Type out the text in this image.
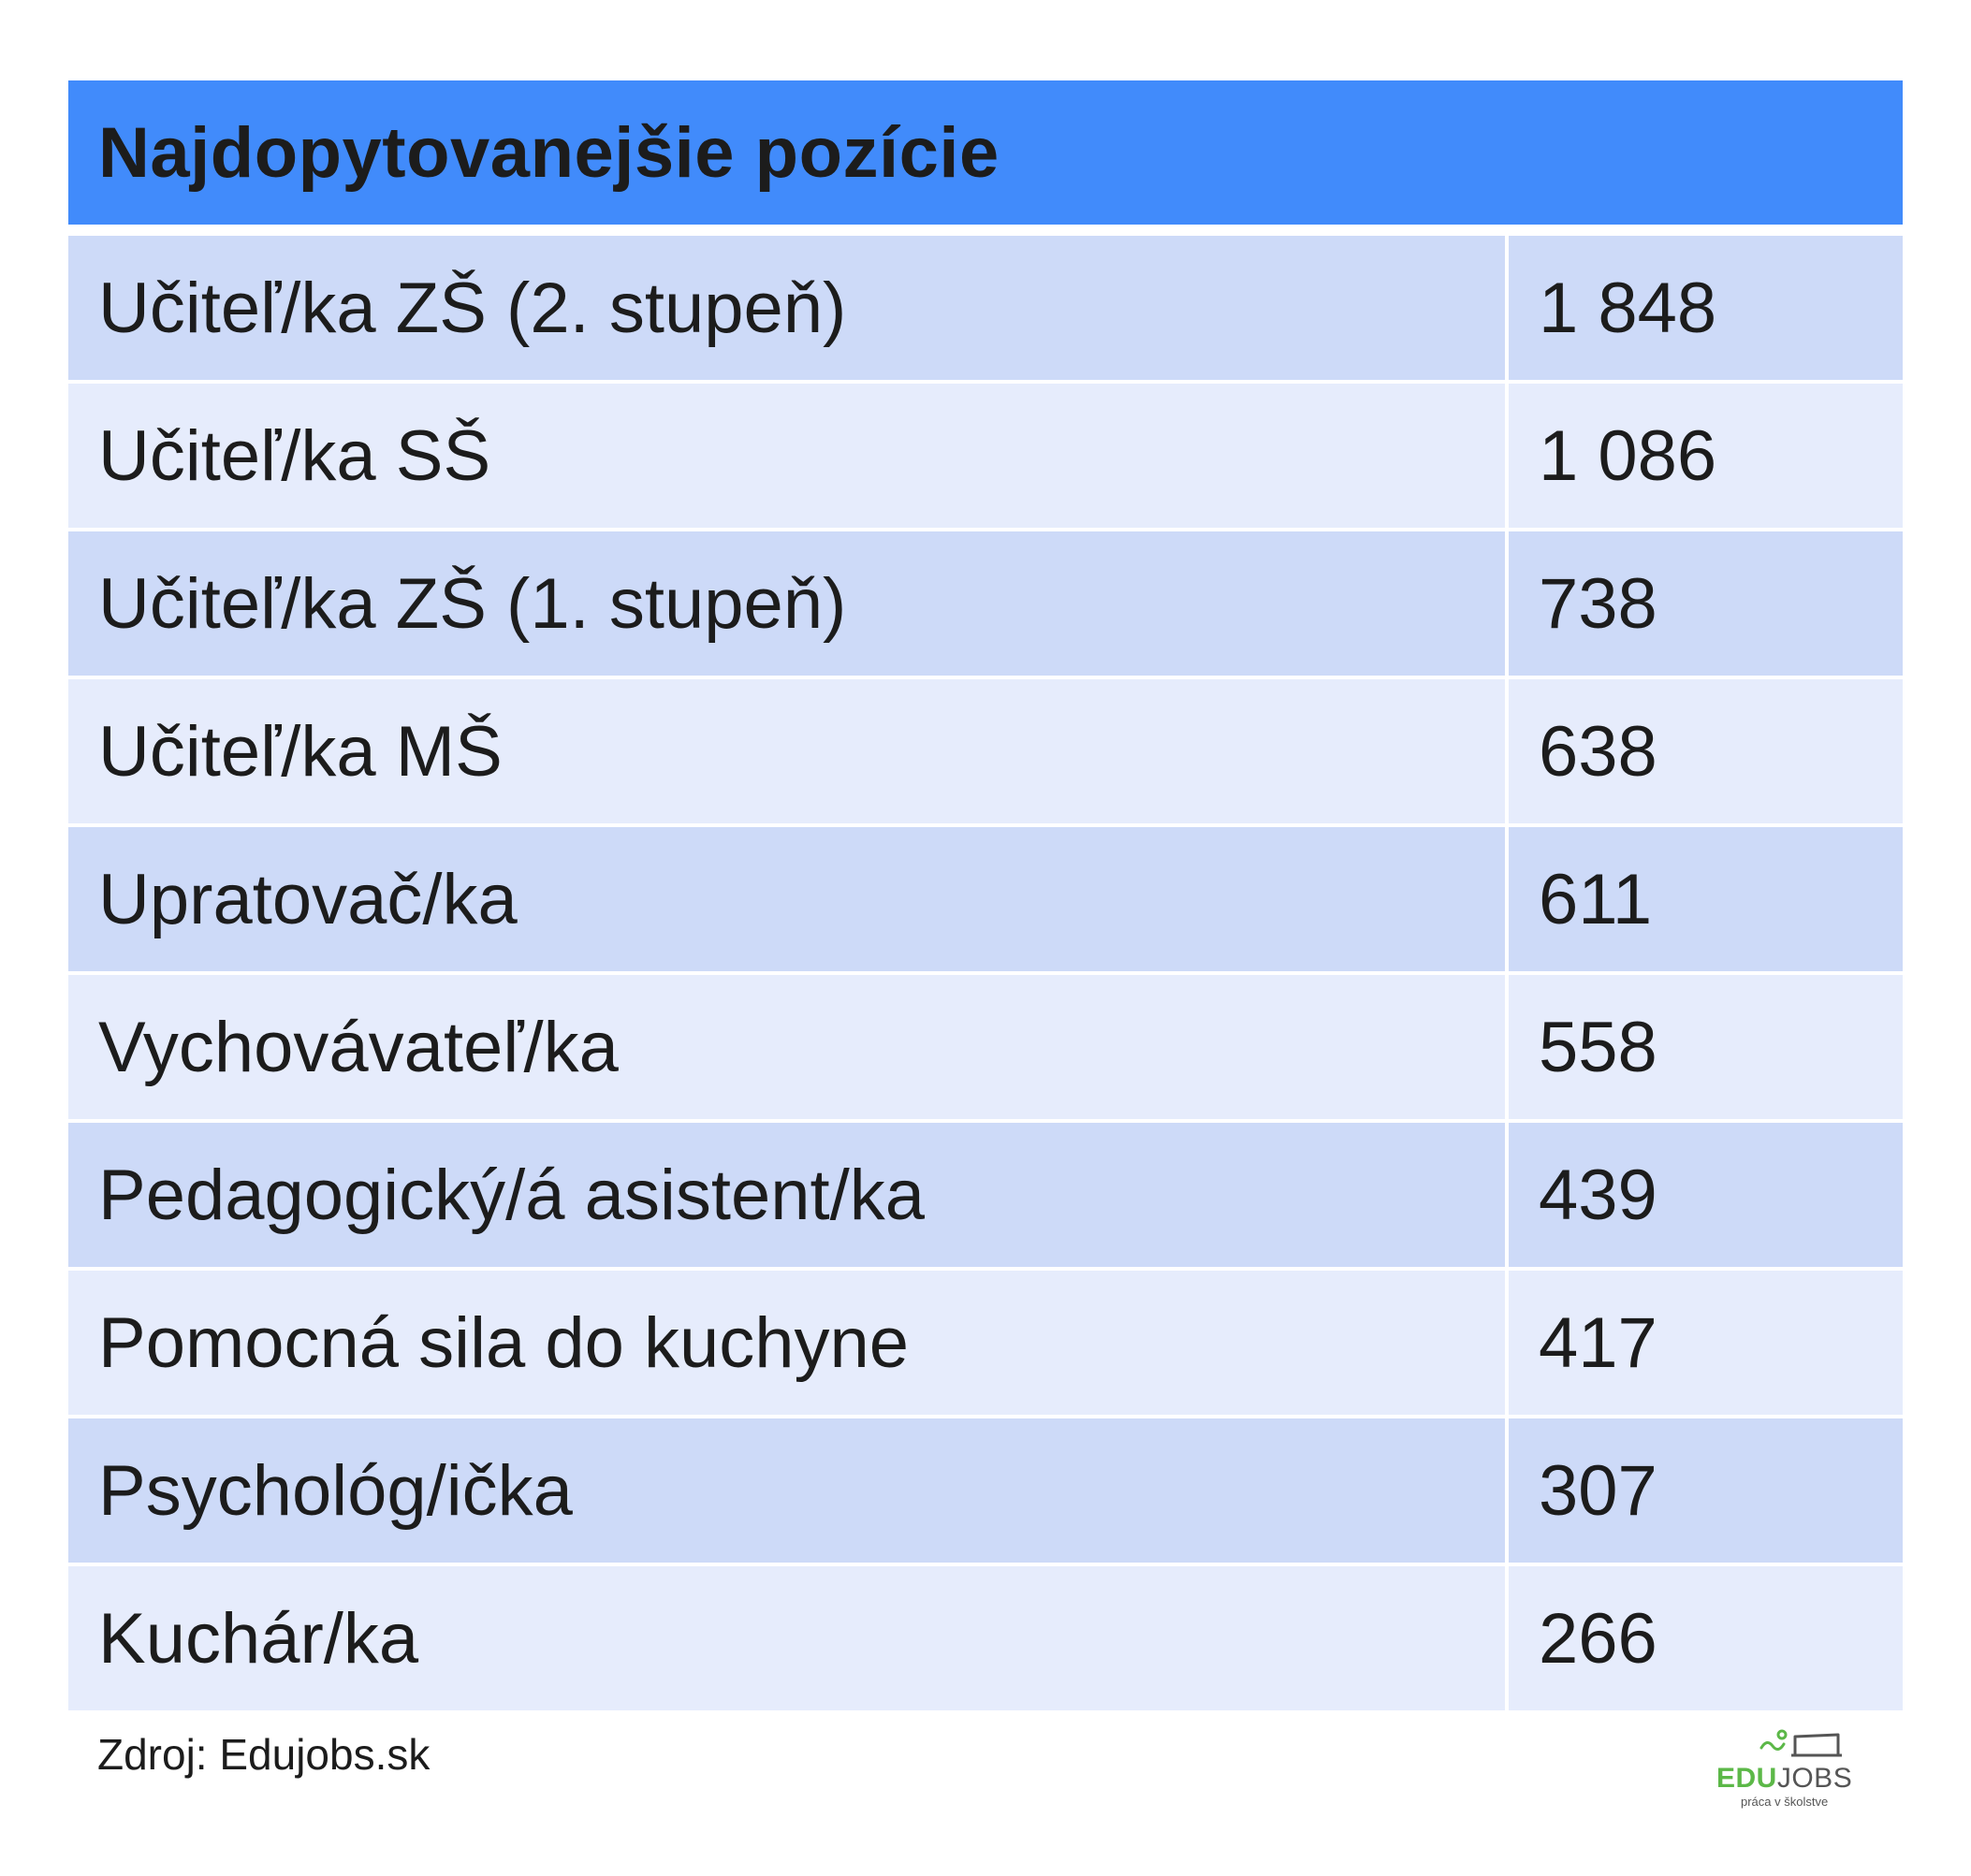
Najdopytovanejšie pozície
Učiteľ/ka ZŠ (2. stupeň)	1 848
Učiteľ/ka SŠ	1 086
Učiteľ/ka ZŠ (1. stupeň)	738
Učiteľ/ka MŠ	638
Upratovač/ka	611
Vychovávateľ/ka	558
Pedagogický/á asistent/ka	439
Pomocná sila do kuchyne	417
Psychológ/ička	307
Kuchár/ka	266
Zdroj: Edujobs.sk	EDUJOBS
práca v školstve
